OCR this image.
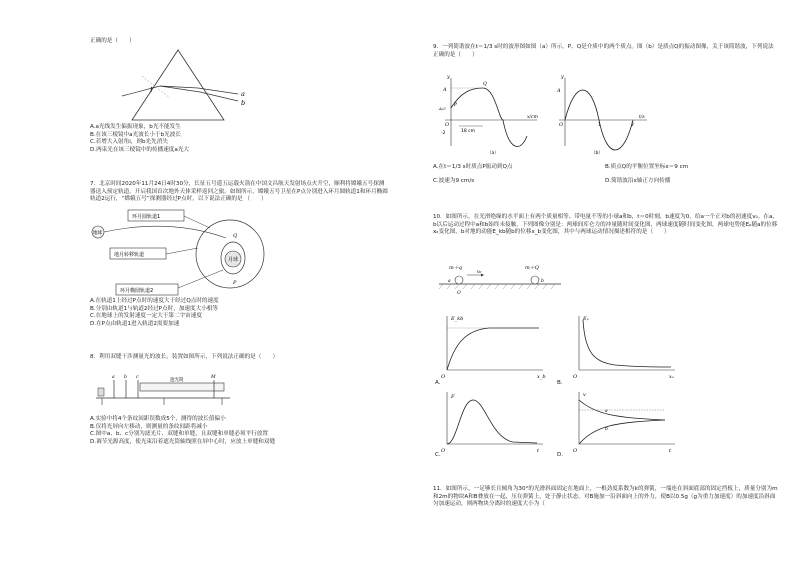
正确的是（　　）
I	a
b
A.a光线发生偏振现象，b光不能发生
B.在该三棱镜中a光波长小于b光波长
C.若增大入射角i，则b光先消失
D.两束光在该三棱镜中的传播速度a光大
7．北京时间2020年11月24日4时30分，长征五号遥五运载火箭在中国文昌航天发射场点火升空，顺利将嫦娥五号探测器送入预定轨道，开启我国首次地外天体采样返回之旅。如图所示，嫦娥五号卫星在P点分别进入环月圆轨道1和环月椭圆轨道2运行，“嫦娥五号”探测器经过P点时，以下说法正确的是 （　　）
月球
地球
环月圆轨道1
地月转移轨道
环月椭圆轨道2
Q
P
A.在轨道1上经过P点时的速度大于经过Q点时的速度
B.分别由轨道1与轨道2经过P点时，加速度大小相等
C.在地球上的发射速度一定大于第二宇宙速度
D.在P点由轨道1进入轨道2需要加速
8．利用双缝干涉测量光的波长，装置如图所示，下列说法正确的是（　　）
a b c
遮光筒
M
A.实验中将4个条纹间距误数成5个，测得的波长值偏小
B.仅将光屏向左移动，则测量的条纹间距将减小
C.图中a、b、c分别为滤光片、双缝和单缝，且双缝和单缝必须平行放置
D.调节光源高度，使光束沿着遮光筒轴线照在屏中心时，应放上单缝和双缝
9．一列简谐波在t＝1/3 s时的波形图如图（a）所示，P、Q是介质中的两个质点。图（b）是质点Q的振动图像，关于该简谐波，下列说法正确的是（　　）
y
A
A/2
O
-2	18 cm
x/cm
P
Q
（a）
y
A
O	1	2
t/s
（b）
A.在t＝1/3 s时质点P振动到Q点	B.质点Q的平衡位置坐标x＝9 cm
C.波速为9 cm/s	D.简谐波沿x轴正方向传播
10．如图所示，在光滑绝缘的水平面上有两个质量相等、带电量不等的小球a和b，t＝0时刻，b速度为0，给a一个正对b的初速度v₀。在a、b以后运动过程中a和b始终未接触，下列图像分别是：两球间库仑力的冲量随时间变化图，两球速度随时间变化图，两球电势能Eₚ随a的位移xₐ变化图，b对地的动能E_kb随b的位移x_b变化图，其中与两球运动情况描述相符的是（　　）
m＋q	m＋Q
v₀
a	b
O
E_kb
x_b
O
A.
Eₚ
xₐ
O
B.
F
t
O
C.
v
t
O
a
b
D.
11．如图所示，一足够长且倾角为30°的光滑斜面固定在地面上，一根劲度系数为k的弹簧，一端连在斜面底部的固定挡板上，质量分别为m和2m的物块A和B叠放在一起，压在弹簧上，处于静止状态。对B施加一沿斜面向上的外力，使B以0.5g（g为重力加速度）的加速度沿斜面匀加速运动，则两物块分离时的速度大小为（
